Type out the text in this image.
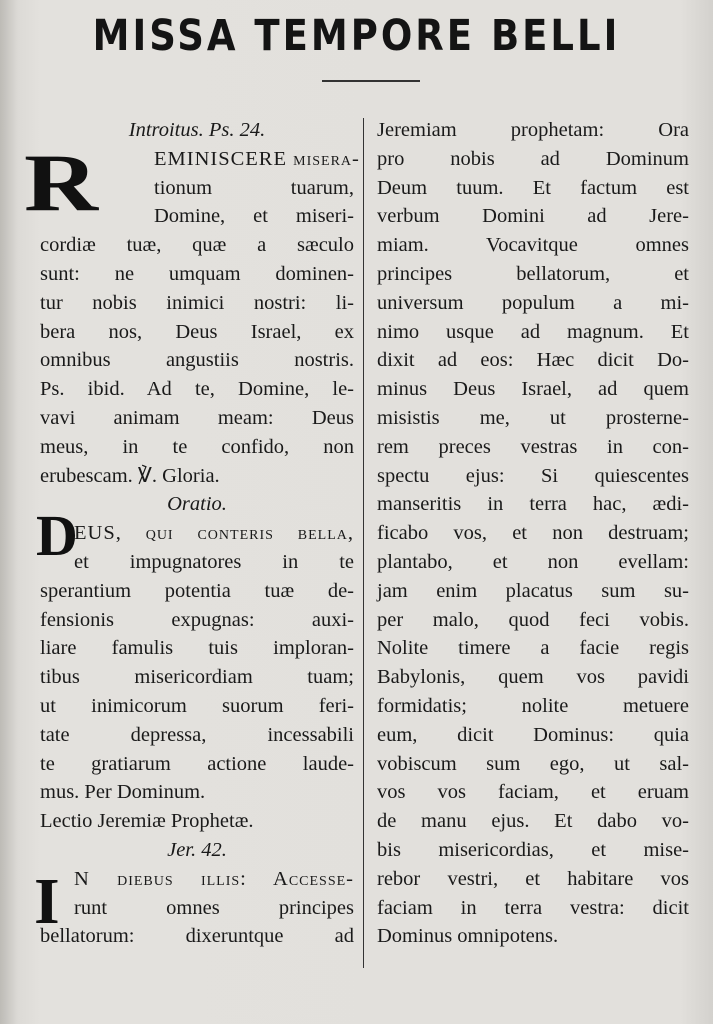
MISSA TEMPORE BELLI
R
D
I
Introitus. Ps. 24.
EMINISCERE misera-
tionum tuarum,
Domine, et miseri-
cordiæ tuæ, quæ a sæculo
sunt: ne umquam dominen-
tur nobis inimici nostri: li-
bera nos, Deus Israel, ex
omnibus angustiis nostris.
Ps. ibid. Ad te, Domine, le-
vavi animam meam: Deus
meus, in te confido, non
erubescam. ℣. Gloria.
Oratio.
EUS, qui conteris bella,
et impugnatores in te
sperantium potentia tuæ de-
fensionis expugnas: auxi-
liare famulis tuis imploran-
tibus misericordiam tuam;
ut inimicorum suorum feri-
tate depressa, incessabili
te gratiarum actione laude-
mus. Per Dominum.
Lectio Jeremiæ Prophetæ.
Jer. 42.
N diebus illis: Accesse-
runt omnes principes
bellatorum: dixeruntque ad
Jeremiam prophetam: Ora
pro nobis ad Dominum
Deum tuum. Et factum est
verbum Domini ad Jere-
miam. Vocavitque omnes
principes bellatorum, et
universum populum a mi-
nimo usque ad magnum. Et
dixit ad eos: Hæc dicit Do-
minus Deus Israel, ad quem
misistis me, ut prosterne-
rem preces vestras in con-
spectu ejus: Si quiescentes
manseritis in terra hac, ædi-
ficabo vos, et non destruam;
plantabo, et non evellam:
jam enim placatus sum su-
per malo, quod feci vobis.
Nolite timere a facie regis
Babylonis, quem vos pavidi
formidatis; nolite metuere
eum, dicit Dominus: quia
vobiscum sum ego, ut sal-
vos vos faciam, et eruam
de manu ejus. Et dabo vo-
bis misericordias, et mise-
rebor vestri, et habitare vos
faciam in terra vestra: dicit
Dominus omnipotens.
